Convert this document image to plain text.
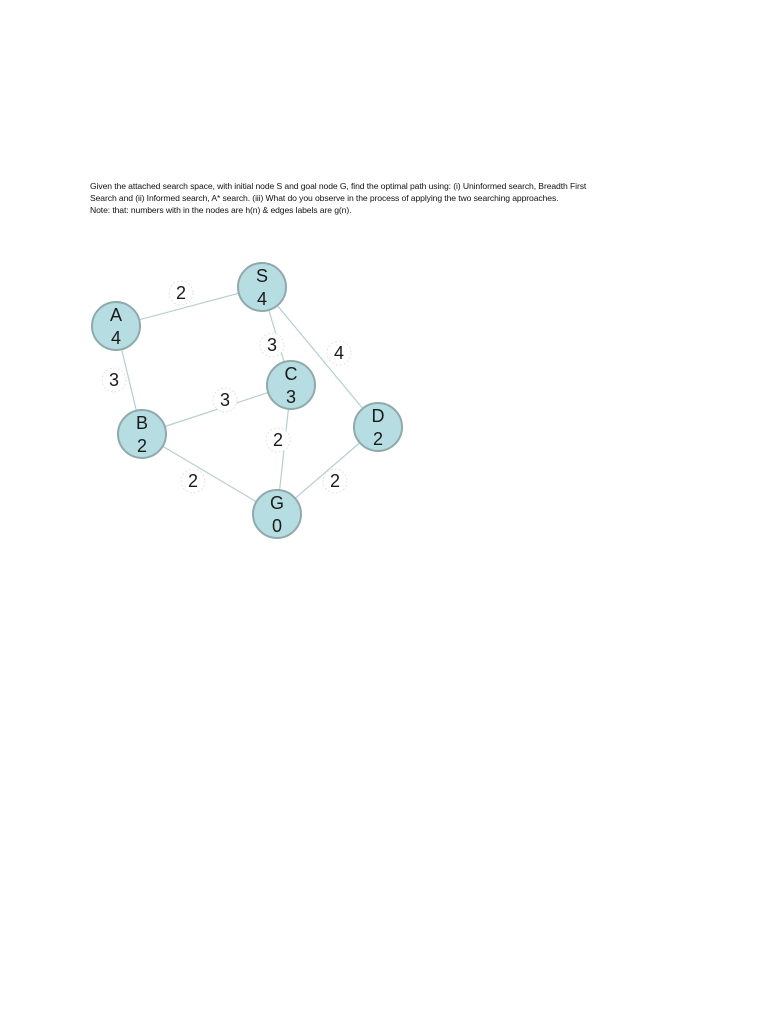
Given the attached search space, with initial node S and goal node G, find the optimal path using: (i) Uninformed search, Breadth First
Search and (ii) Informed search, A* search. (iii) What do you observe in the process of applying the two searching approaches.
Note: that: numbers with in the nodes are h(n) & edges labels are g(n).
2
3	4
3
3
2
2	2
S
4
A
4
B
2
C
3
D
2
G
0
